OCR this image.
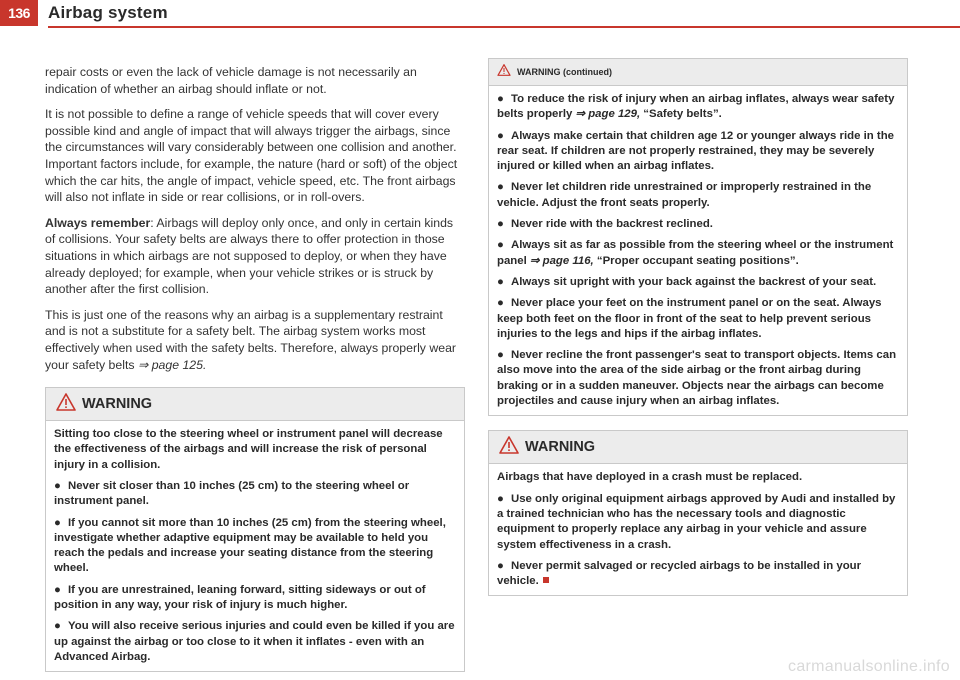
136	Airbag system

repair costs or even the lack of vehicle damage is not necessarily an indication of whether an airbag should inflate or not.

It is not possible to define a range of vehicle speeds that will cover every possible kind and angle of impact that will always trigger the airbags, since the circumstances will vary considerably between one collision and another. Important factors include, for example, the nature (hard or soft) of the object which the car hits, the angle of impact, vehicle speed, etc. The front airbags will also not inflate in side or rear collisions, or in roll-overs.

Always remember: Airbags will deploy only once, and only in certain kinds of collisions. Your safety belts are always there to offer protection in those situations in which airbags are not supposed to deploy, or when they have already deployed; for example, when your vehicle strikes or is struck by another after the first collision.

This is just one of the reasons why an airbag is a supplementary restraint and is not a substitute for a safety belt. The airbag system works most effectively when used with the safety belts. Therefore, always properly wear your safety belts ⇒ page 125.

WARNING

Sitting too close to the steering wheel or instrument panel will decrease the effectiveness of the airbags and will increase the risk of personal injury in a collision.

● Never sit closer than 10 inches (25 cm) to the steering wheel or instrument panel.

● If you cannot sit more than 10 inches (25 cm) from the steering wheel, investigate whether adaptive equipment may be available to held you reach the pedals and increase your seating distance from the steering wheel.

● If you are unrestrained, leaning forward, sitting sideways or out of position in any way, your risk of injury is much higher.

● You will also receive serious injuries and could even be killed if you are up against the airbag or too close to it when it inflates - even with an Advanced Airbag.

WARNING (continued)

● To reduce the risk of injury when an airbag inflates, always wear safety belts properly ⇒ page 129, “Safety belts”.

● Always make certain that children age 12 or younger always ride in the rear seat. If children are not properly restrained, they may be severely injured or killed when an airbag inflates.

● Never let children ride unrestrained or improperly restrained in the vehicle. Adjust the front seats properly.

● Never ride with the backrest reclined.

● Always sit as far as possible from the steering wheel or the instrument panel ⇒ page 116, “Proper occupant seating positions”.

● Always sit upright with your back against the backrest of your seat.

● Never place your feet on the instrument panel or on the seat. Always keep both feet on the floor in front of the seat to help prevent serious injuries to the legs and hips if the airbag inflates.

● Never recline the front passenger's seat to transport objects. Items can also move into the area of the side airbag or the front airbag during braking or in a sudden maneuver. Objects near the airbags can become projectiles and cause injury when an airbag inflates.

WARNING

Airbags that have deployed in a crash must be replaced.

● Use only original equipment airbags approved by Audi and installed by a trained technician who has the necessary tools and diagnostic equipment to properly replace any airbag in your vehicle and assure system effectiveness in a crash.

● Never permit salvaged or recycled airbags to be installed in your vehicle.

carmanualsonline.info
